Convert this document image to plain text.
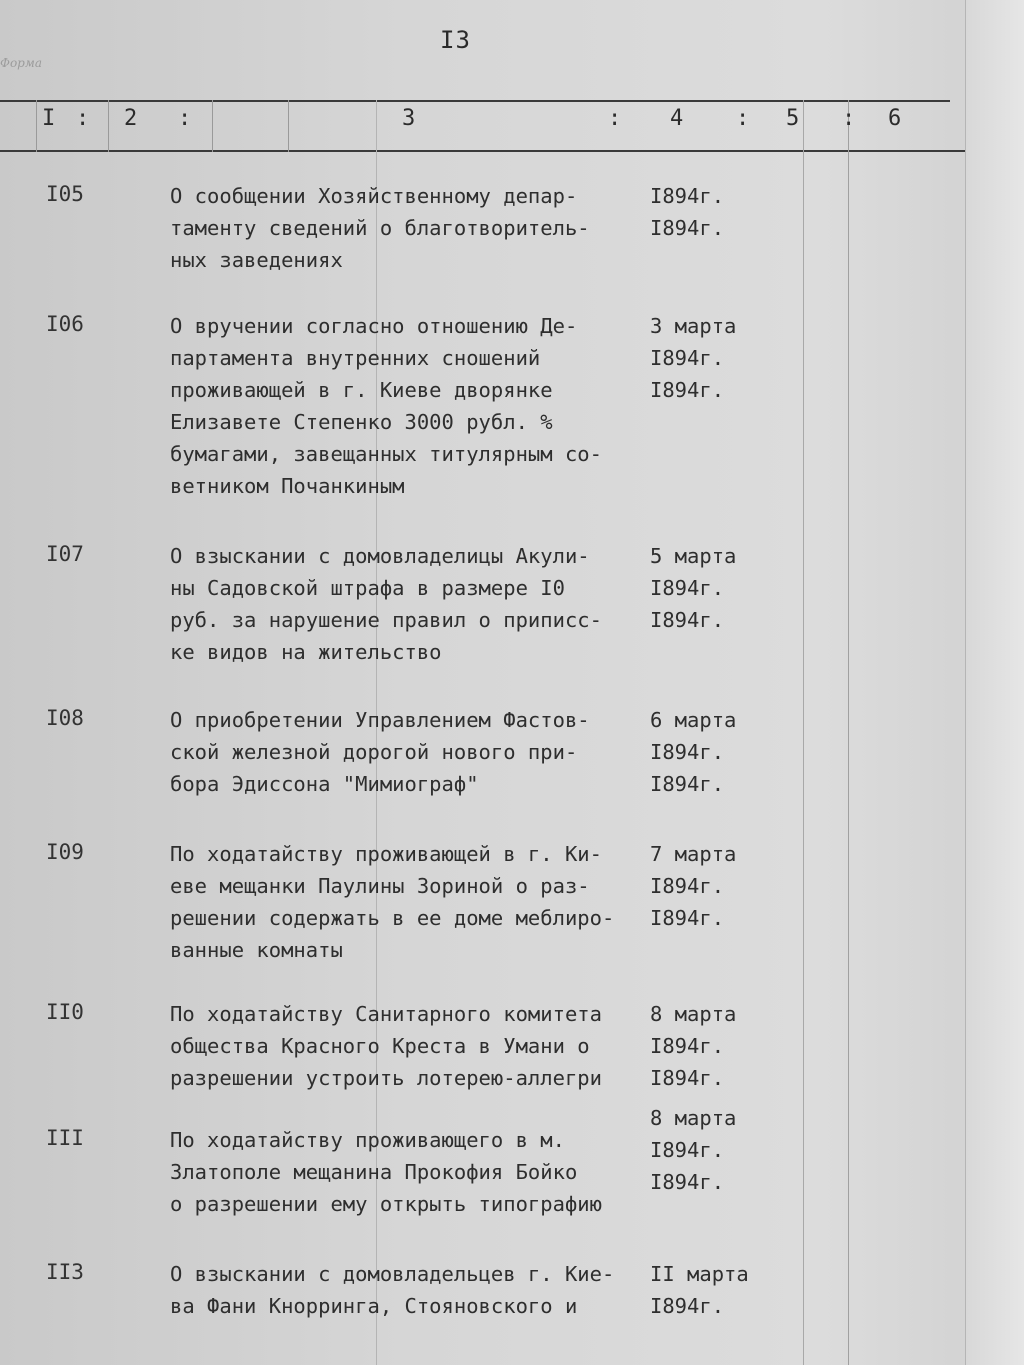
I3
Форма
I : 2 :	3	: 4 : 5 : 6
I05	О сообщении Хозяйственному депар-
таменту сведений о благотворитель-
ных заведениях
I894г.
I894г.
I06	О вручении согласно отношению Де-
партамента внутренних сношений
проживающей в г. Киеве дворянке
Елизавете Степенко 3000 рубл. %
бумагами, завещанных титулярным со-
ветником Почанкиным
3 марта
I894г.
I894г.
I07	О взыскании с домовладелицы Акули-
ны Садовской штрафа в размере I0
руб. за нарушение правил о приписс-
ке видов на жительство
5 марта
I894г.
I894г.
I08	О приобретении Управлением Фастов-
ской железной дорогой нового при-
бора Эдиссона "Мимиограф"
6 марта
I894г.
I894г.
I09	По ходатайству проживающей в г. Ки-
еве мещанки Паулины Зориной о раз-
решении содержать в ее доме меблиро-
ванные комнаты
7 марта
I894г.
I894г.
II0	По ходатайству Санитарного комитета
общества Красного Креста в Умани о
разрешении устроить лотерею-аллегри
8 марта
I894г.
I894г.
III	По ходатайству проживающего в м.
Златополе мещанина Прокофия Бойко
о разрешении ему открыть типографию
8 марта
I894г.
I894г.
II3	О взыскании с домовладельцев г. Кие-
ва Фани Кнорринга, Стояновского и
II марта
I894г.
